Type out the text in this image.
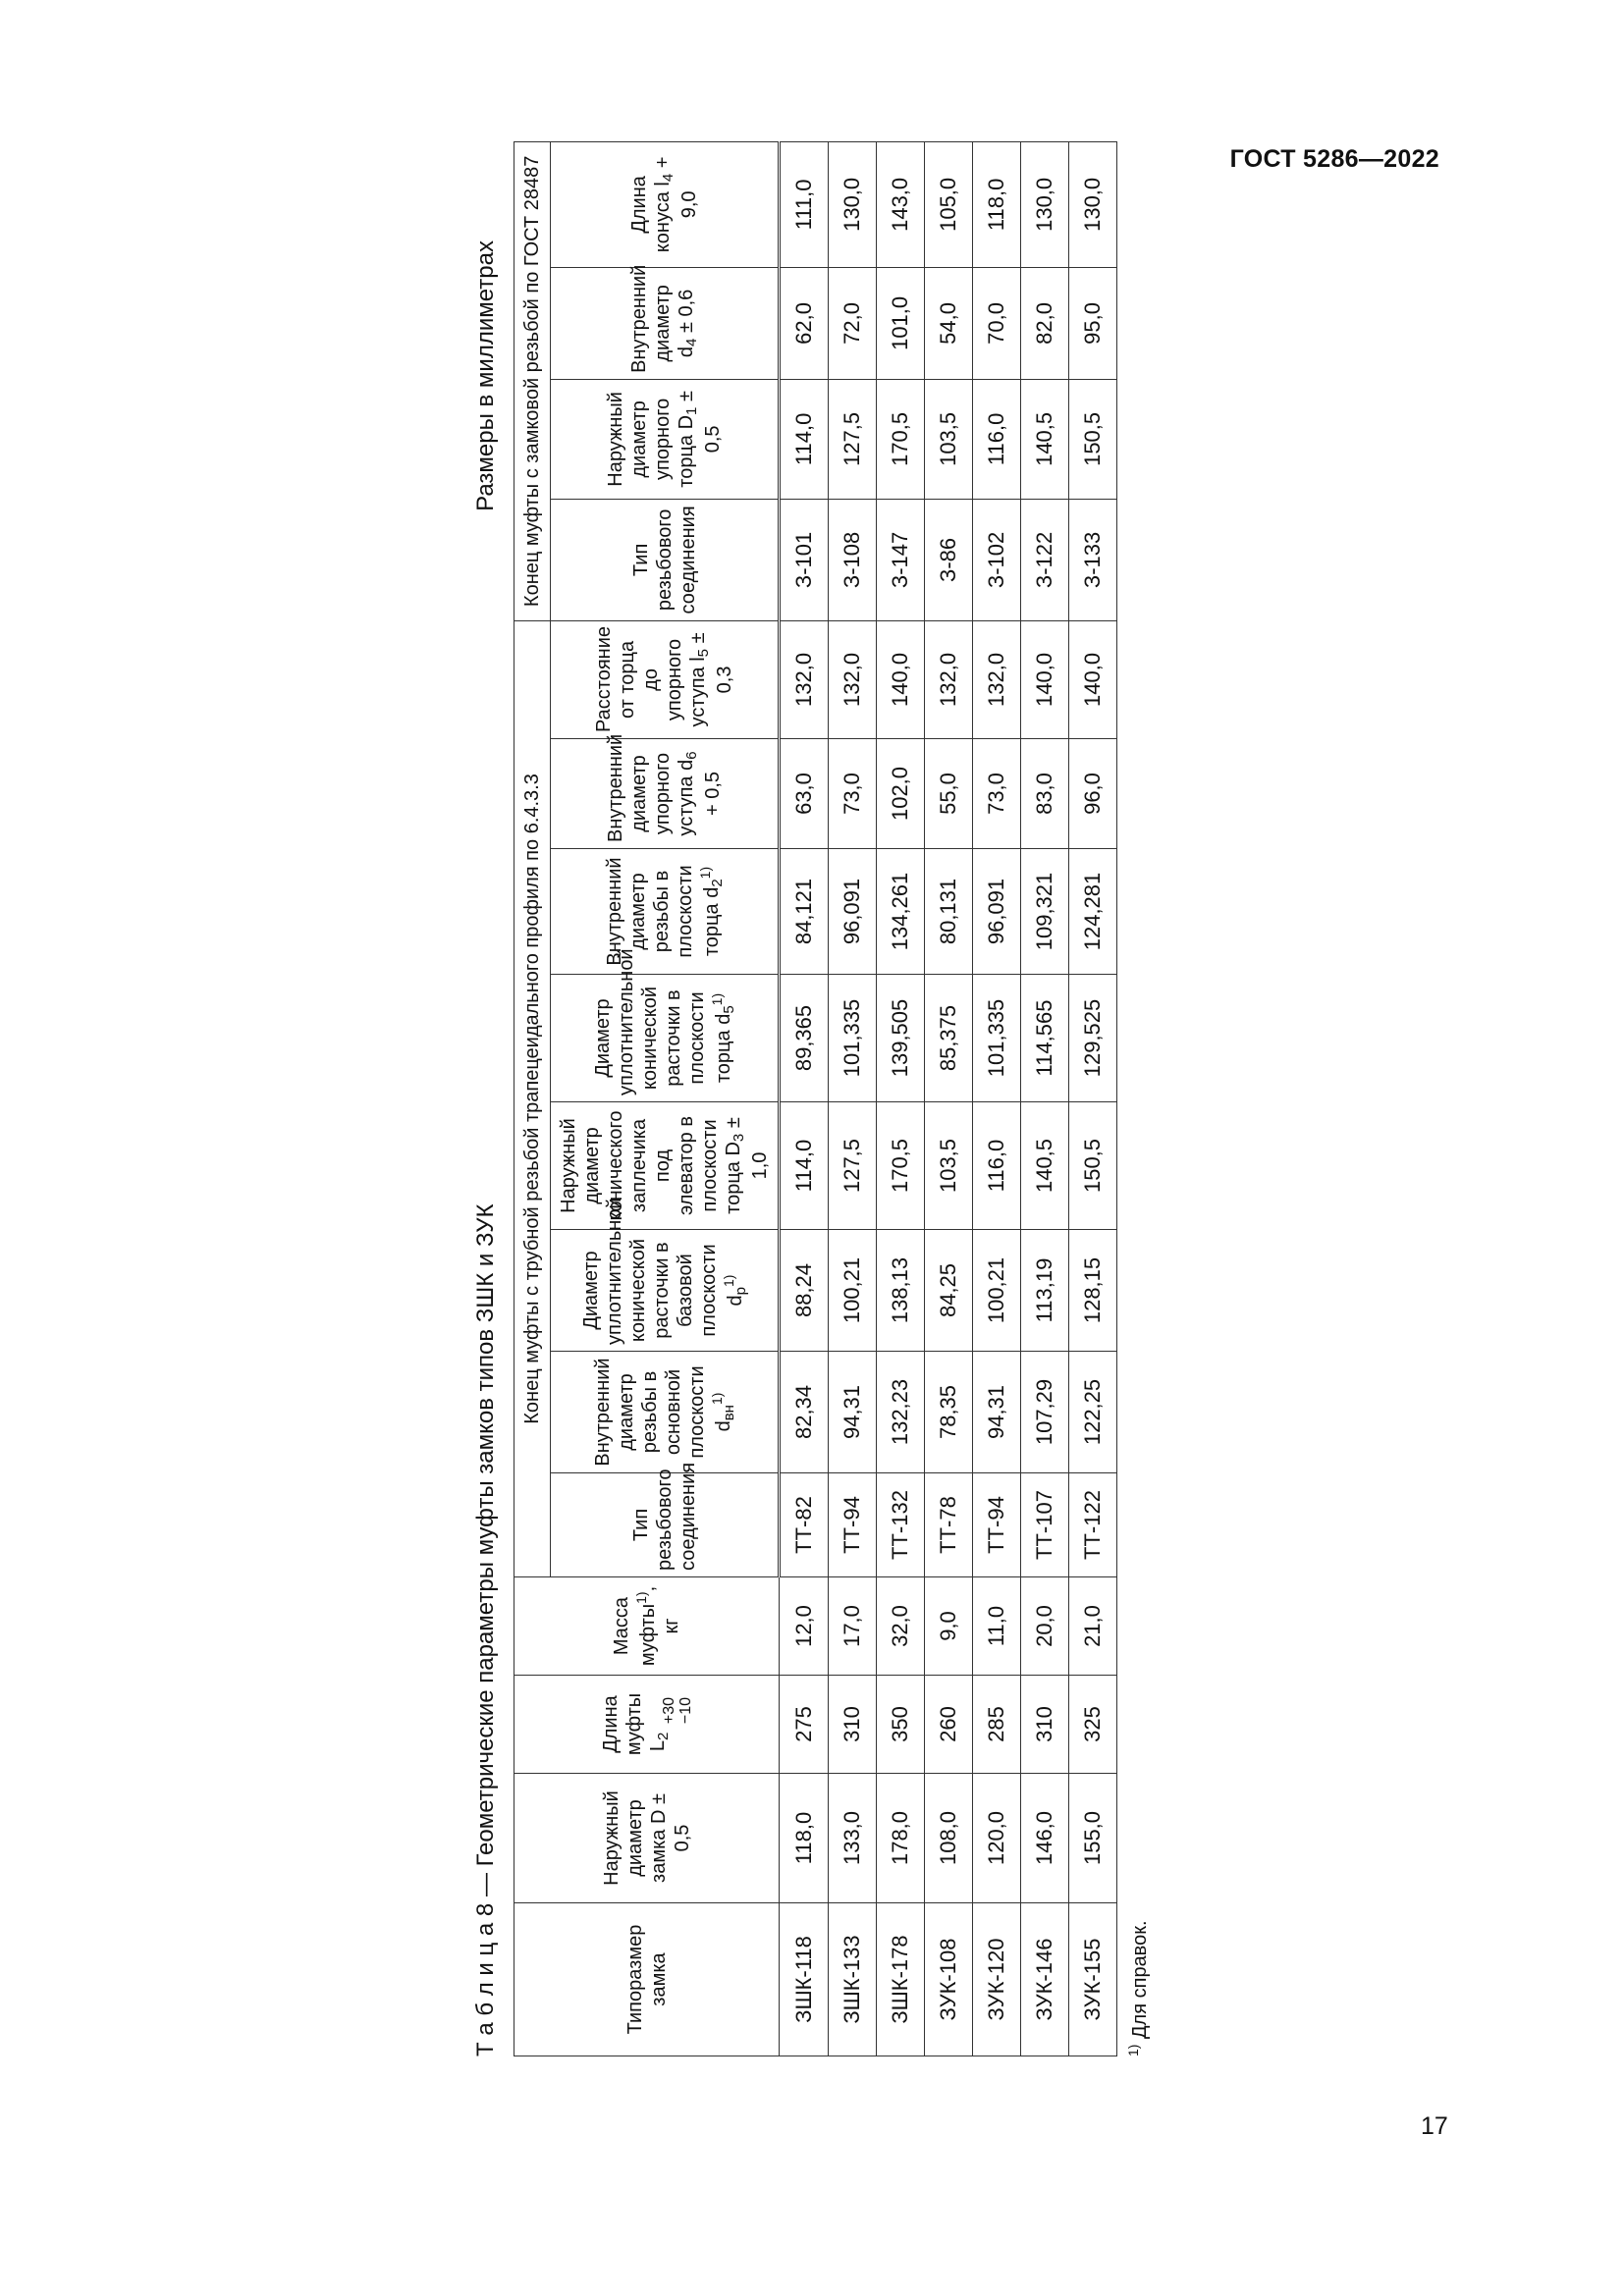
ГОСТ 5286—2022
Т а б л и ц а 8 — Геометрические параметры муфты замков типов ЗШК и ЗУК
Размеры в миллиметрах
Типоразмер замка	Наружный диаметр замка D ± 0,5	Длина муфты $L_2$
+30 −10	Масса муфты$^{1)}$, кг	Конец муфты с трубной резьбой трапецеидального профиля по 6.4.3.3								Конец муфты с замковой резьбой по ГОСТ 28487			
				Тип резьбового соединения	Внутренний диаметр резьбы в основной плоскости $d_{вн}^{1)}$	Диаметр уплотнительной конической расточки в базовой плоскости $d_р^{1)}$	Наружный диаметр конического заплечика под элеватор в плоскости торца $D_3 \pm 1,0$	Диаметр уплотнительной конической расточки в плоскости торца $d_5^{1)}$	Внутренний диаметр резьбы в плоскости торца $d_2^{1)}$	Внутренний диаметр упорного уступа $d_6 + 0,5$	Расстояние от торца до упорного уступа $l_5 \pm 0,3$	Тип резьбового соединения	Наружный диаметр упорного торца $D_1 \pm 0,5$	Внутренний диаметр $d_4 \pm 0,6$	Длина конуса $l_4 + 9,0$
ЗШК-118	118,0	275	12,0	ТТ-82	82,34	88,24	114,0	89,365	84,121	63,0	132,0	З-101	114,0	62,0	111,0
ЗШК-133	133,0	310	17,0	ТТ-94	94,31	100,21	127,5	101,335	96,091	73,0	132,0	З-108	127,5	72,0	130,0
ЗШК-178	178,0	350	32,0	ТТ-132	132,23	138,13	170,5	139,505	134,261	102,0	140,0	З-147	170,5	101,0	143,0
ЗУК-108	108,0	260	9,0	ТТ-78	78,35	84,25	103,5	85,375	80,131	55,0	132,0	З-86	103,5	54,0	105,0
ЗУК-120	120,0	285	11,0	ТТ-94	94,31	100,21	116,0	101,335	96,091	73,0	132,0	З-102	116,0	70,0	118,0
ЗУК-146	146,0	310	20,0	ТТ-107	107,29	113,19	140,5	114,565	109,321	83,0	140,0	З-122	140,5	82,0	130,0
ЗУК-155	155,0	325	21,0	ТТ-122	122,25	128,15	150,5	129,525	124,281	96,0	140,0	З-133	150,5	95,0	130,0
$^{1)}$ Для справок.
17
